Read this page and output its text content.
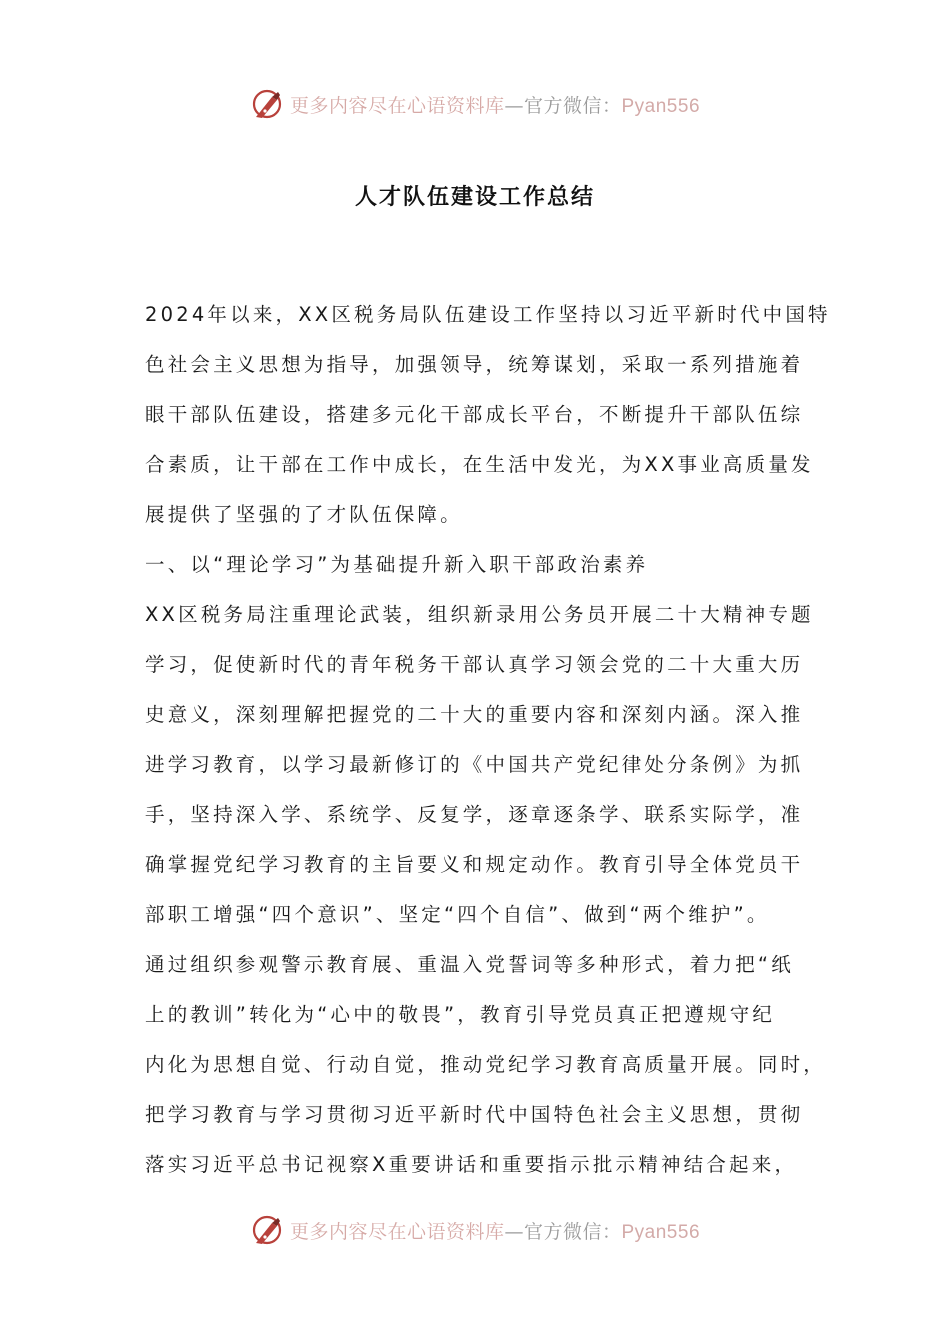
更多内容尽在心语资料库—官方微信：Pyan556
人才队伍建设工作总结
2024年以来，XX区税务局队伍建设工作坚持以习近平新时代中国特
色社会主义思想为指导，加强领导，统筹谋划，采取一系列措施着
眼干部队伍建设，搭建多元化干部成长平台，不断提升干部队伍综
合素质，让干部在工作中成长，在生活中发光，为XX事业高质量发
展提供了坚强的了才队伍保障。
一、以“理论学习”为基础提升新入职干部政治素养
XX区税务局注重理论武装，组织新录用公务员开展二十大精神专题
学习，促使新时代的青年税务干部认真学习领会党的二十大重大历
史意义，深刻理解把握党的二十大的重要内容和深刻内涵。深入推
进学习教育，以学习最新修订的《中国共产党纪律处分条例》为抓
手，坚持深入学、系统学、反复学，逐章逐条学、联系实际学，准
确掌握党纪学习教育的主旨要义和规定动作。教育引导全体党员干
部职工增强“四个意识”、坚定“四个自信”、做到“两个维护”。
通过组织参观警示教育展、重温入党誓词等多种形式，着力把“纸
上的教训”转化为“心中的敬畏”，教育引导党员真正把遵规守纪
内化为思想自觉、行动自觉，推动党纪学习教育高质量开展。同时，
把学习教育与学习贯彻习近平新时代中国特色社会主义思想，贯彻
落实习近平总书记视察X重要讲话和重要指示批示精神结合起来，
更多内容尽在心语资料库—官方微信：Pyan556
